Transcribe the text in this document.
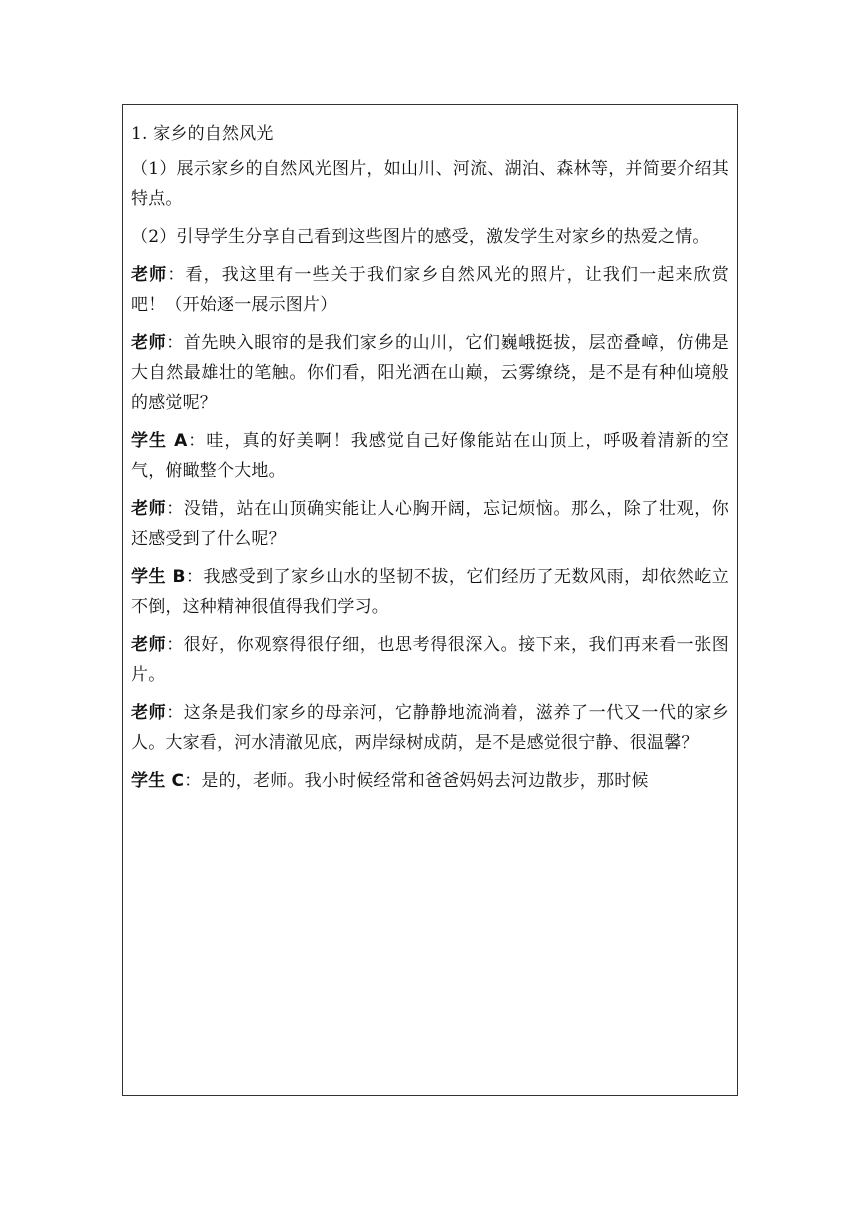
1. 家乡的自然风光

（1）展示家乡的自然风光图片，如山川、河流、湖泊、森林等，并简要介绍其特点。

（2）引导学生分享自己看到这些图片的感受，激发学生对家乡的热爱之情。

老师：看，我这里有一些关于我们家乡自然风光的照片，让我们一起来欣赏吧！（开始逐一展示图片）

老师：首先映入眼帘的是我们家乡的山川，它们巍峨挺拔，层峦叠嶂，仿佛是大自然最雄壮的笔触。你们看，阳光洒在山巅，云雾缭绕，是不是有种仙境般的感觉呢？

学生 A：哇，真的好美啊！我感觉自己好像能站在山顶上，呼吸着清新的空气，俯瞰整个大地。

老师：没错，站在山顶确实能让人心胸开阔，忘记烦恼。那么，除了壮观，你还感受到了什么呢？

学生 B：我感受到了家乡山水的坚韧不拔，它们经历了无数风雨，却依然屹立不倒，这种精神很值得我们学习。

老师：很好，你观察得很仔细，也思考得很深入。接下来，我们再来看一张图片。

老师：这条是我们家乡的母亲河，它静静地流淌着，滋养了一代又一代的家乡人。大家看，河水清澈见底，两岸绿树成荫，是不是感觉很宁静、很温馨？

学生 C：是的，老师。我小时候经常和爸爸妈妈去河边散步，那时候
